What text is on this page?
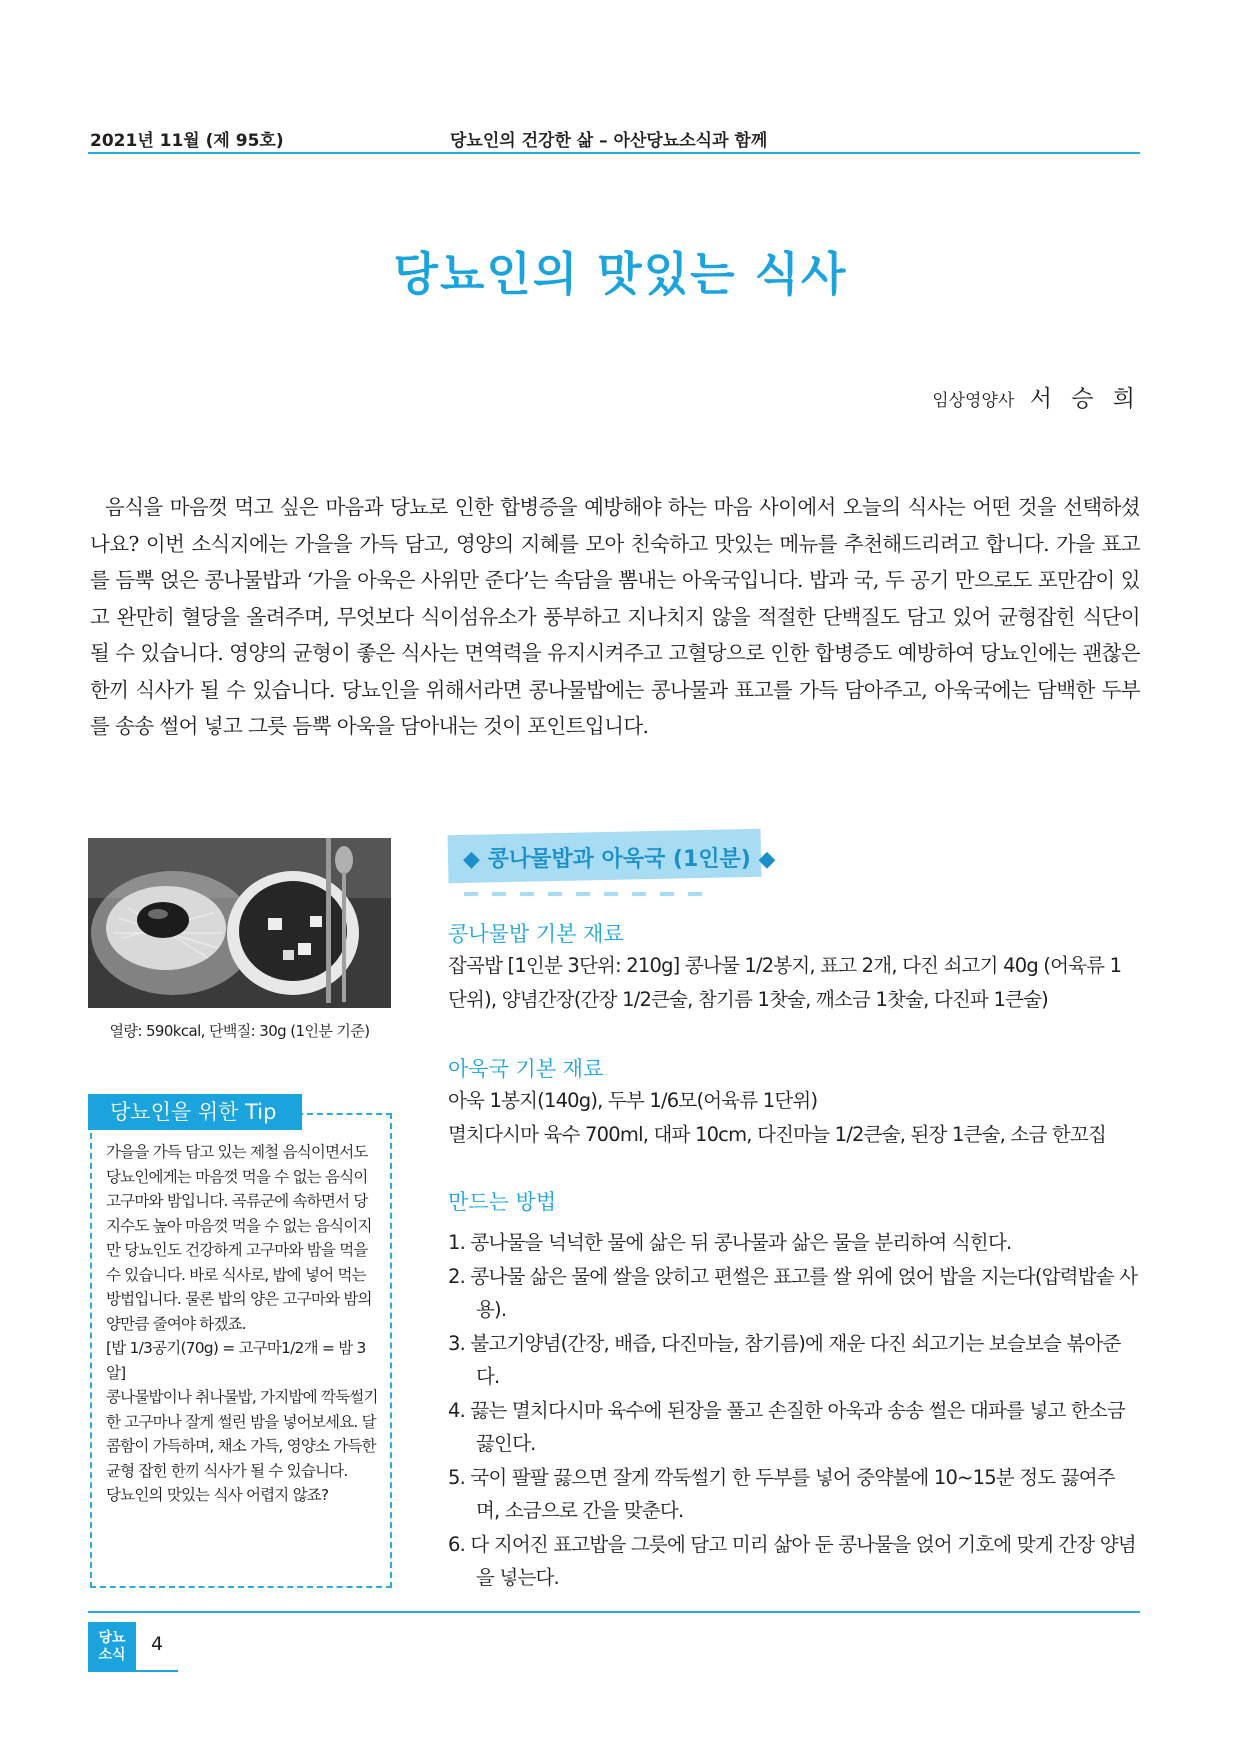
2021년 11월 (제 95호)	당뇨인의 건강한 삶 – 아산당뇨소식과 함께
당뇨인의 맛있는 식사
임상영양사 서 승 희
음식을 마음껏 먹고 싶은 마음과 당뇨로 인한 합병증을 예방해야 하는 마음 사이에서 오늘의 식사는 어떤 것을 선택하셨나요? 이번 소식지에는 가을을 가득 담고, 영양의 지혜를 모아 친숙하고 맛있는 메뉴를 추천해드리려고 합니다. 가을 표고를 듬뿍 얹은 콩나물밥과 ‘가을 아욱은 사위만 준다’는 속담을 뽐내는 아욱국입니다. 밥과 국, 두 공기 만으로도 포만감이 있고 완만히 혈당을 올려주며, 무엇보다 식이섬유소가 풍부하고 지나치지 않을 적절한 단백질도 담고 있어 균형잡힌 식단이 될 수 있습니다. 영양의 균형이 좋은 식사는 면역력을 유지시켜주고 고혈당으로 인한 합병증도 예방하여 당뇨인에는 괜찮은 한끼 식사가 될 수 있습니다. 당뇨인을 위해서라면 콩나물밥에는 콩나물과 표고를 가득 담아주고, 아욱국에는 담백한 두부를 송송 썰어 넣고 그릇 듬뿍 아욱을 담아내는 것이 포인트입니다.
열량: 590kcal, 단백질: 30g (1인분 기준)
당뇨인을 위한 Tip

가을을 가득 담고 있는 제철 음식이면서도 당뇨인에게는 마음껏 먹을 수 없는 음식이 고구마와 밤입니다. 곡류군에 속하면서 당지수도 높아 마음껏 먹을 수 없는 음식이지만 당뇨인도 건강하게 고구마와 밤을 먹을 수 있습니다. 바로 식사로, 밥에 넣어 먹는 방법입니다. 물론 밥의 양은 고구마와 밤의 양만큼 줄여야 하겠죠.

[밥 1/3공기(70g) = 고구마1/2개 = 밤 3알]

콩나물밥이나 취나물밥, 가지밥에 깍둑썰기한 고구마나 잘게 썰린 밤을 넣어보세요. 달콤함이 가득하며, 채소 가득, 영양소 가득한 균형 잡힌 한끼 식사가 될 수 있습니다.

당뇨인의 맛있는 식사 어렵지 않죠?

◆ 콩나물밥과 아욱국 (1인분) ◆
콩나물밥 기본 재료
잡곡밥 [1인분 3단위: 210g] 콩나물 1/2봉지, 표고 2개, 다진 쇠고기 40g (어육류 1단위), 양념간장(간장 1/2큰술, 참기름 1찻술, 깨소금 1찻술, 다진파 1큰술)
아욱국 기본 재료
아욱 1봉지(140g), 두부 1/6모(어육류 1단위)
멸치다시마 육수 700ml, 대파 10cm, 다진마늘 1/2큰술, 된장 1큰술, 소금 한꼬집
만드는 방법
1. 콩나물을 넉넉한 물에 삶은 뒤 콩나물과 삶은 물을 분리하여 식힌다.
2. 콩나물 삶은 물에 쌀을 앉히고 편썰은 표고를 쌀 위에 얹어 밥을 지는다(압력밥솥 사용).
3. 불고기양념(간장, 배즙, 다진마늘, 참기름)에 재운 다진 쇠고기는 보슬보슬 볶아준다.
4. 끓는 멸치다시마 육수에 된장을 풀고 손질한 아욱과 송송 썰은 대파를 넣고 한소금 끓인다.
5. 국이 팔팔 끓으면 잘게 깍둑썰기 한 두부를 넣어 중약불에 10~15분 정도 끓여주며, 소금으로 간을 맞춘다.
6. 다 지어진 표고밥을 그릇에 담고 미리 삶아 둔 콩나물을 얹어 기호에 맞게 간장 양념을 넣는다.
당뇨
소식	4
